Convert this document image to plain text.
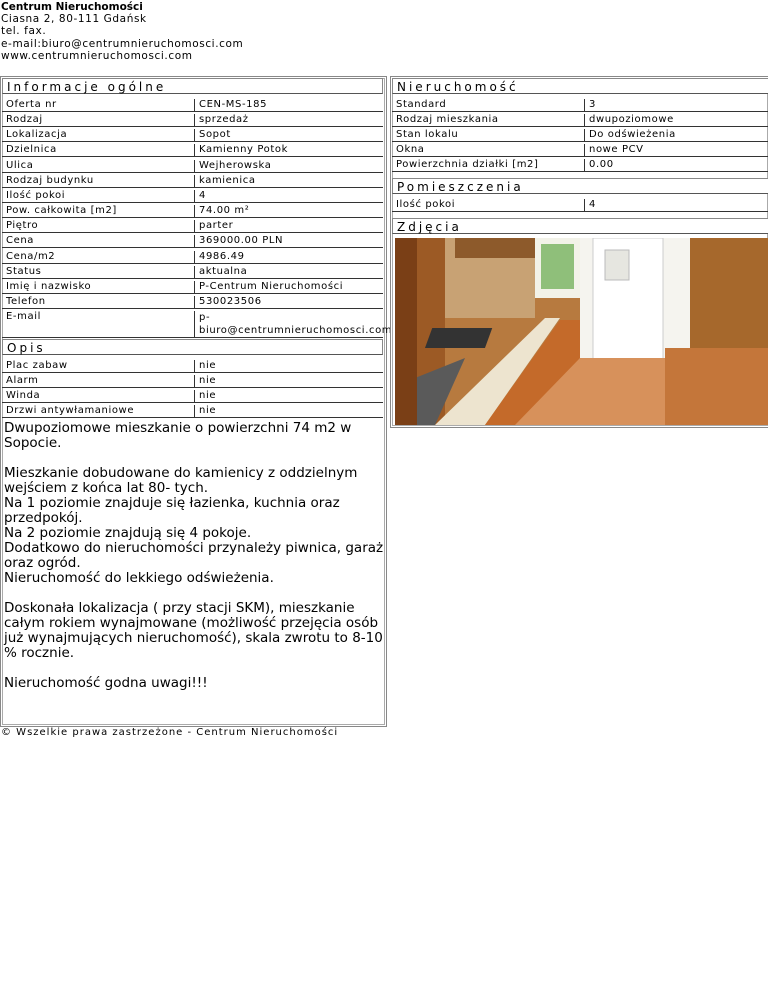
Centrum Nieruchomości
Ciasna 2, 80-111 Gdańsk
tel. fax.
e-mail:biuro@centrumnieruchomosci.com
www.centrumnieruchomosci.com
Informacje ogólne
Oferta nr	CEN-MS-185
Rodzaj	sprzedaż
Lokalizacja	Sopot
Dzielnica	Kamienny Potok
Ulica	Wejherowska
Rodzaj budynku	kamienica
Ilość pokoi	4
Pow. całkowita [m2]	74.00 m²
Piętro	parter
Cena	369000.00 PLN
Cena/m2	4986.49
Status	aktualna
Imię i nazwisko	P-Centrum Nieruchomości
Telefon	530023506
E-mail	p-biuro@centrumnieruchomosci.com
Opis
Plac zabaw	nie
Alarm	nie
Winda	nie
Drzwi antywłamaniowe	nie

Dwupoziomowe mieszkanie o powierzchni 74 m2 w Sopocie.

Mieszkanie dobudowane do kamienicy z oddzielnym wejściem z końca lat 80- tych.
Na 1 poziomie znajduje się łazienka, kuchnia oraz przedpokój.
Na 2 poziomie znajdują się 4 pokoje.
Dodatkowo do nieruchomości przynależy piwnica, garaż oraz ogród.
Nieruchomość do lekkiego odświeżenia.

Doskonała lokalizacja ( przy stacji SKM), mieszkanie całym rokiem wynajmowane (możliwość przejęcia osób już wynajmujących nieruchomość), skala zwrotu to 8-10 % rocznie.

Nieruchomość godna uwagi!!!

Nieruchomość
Standard	3
Rodzaj mieszkania	dwupoziomowe
Stan lokalu	Do odświeżenia
Okna	nowe PCV
Powierzchnia działki [m2]	0.00
Pomieszczenia
Ilość pokoi	4
Zdjęcia
© Wszelkie prawa zastrzeżone - Centrum Nieruchomości
